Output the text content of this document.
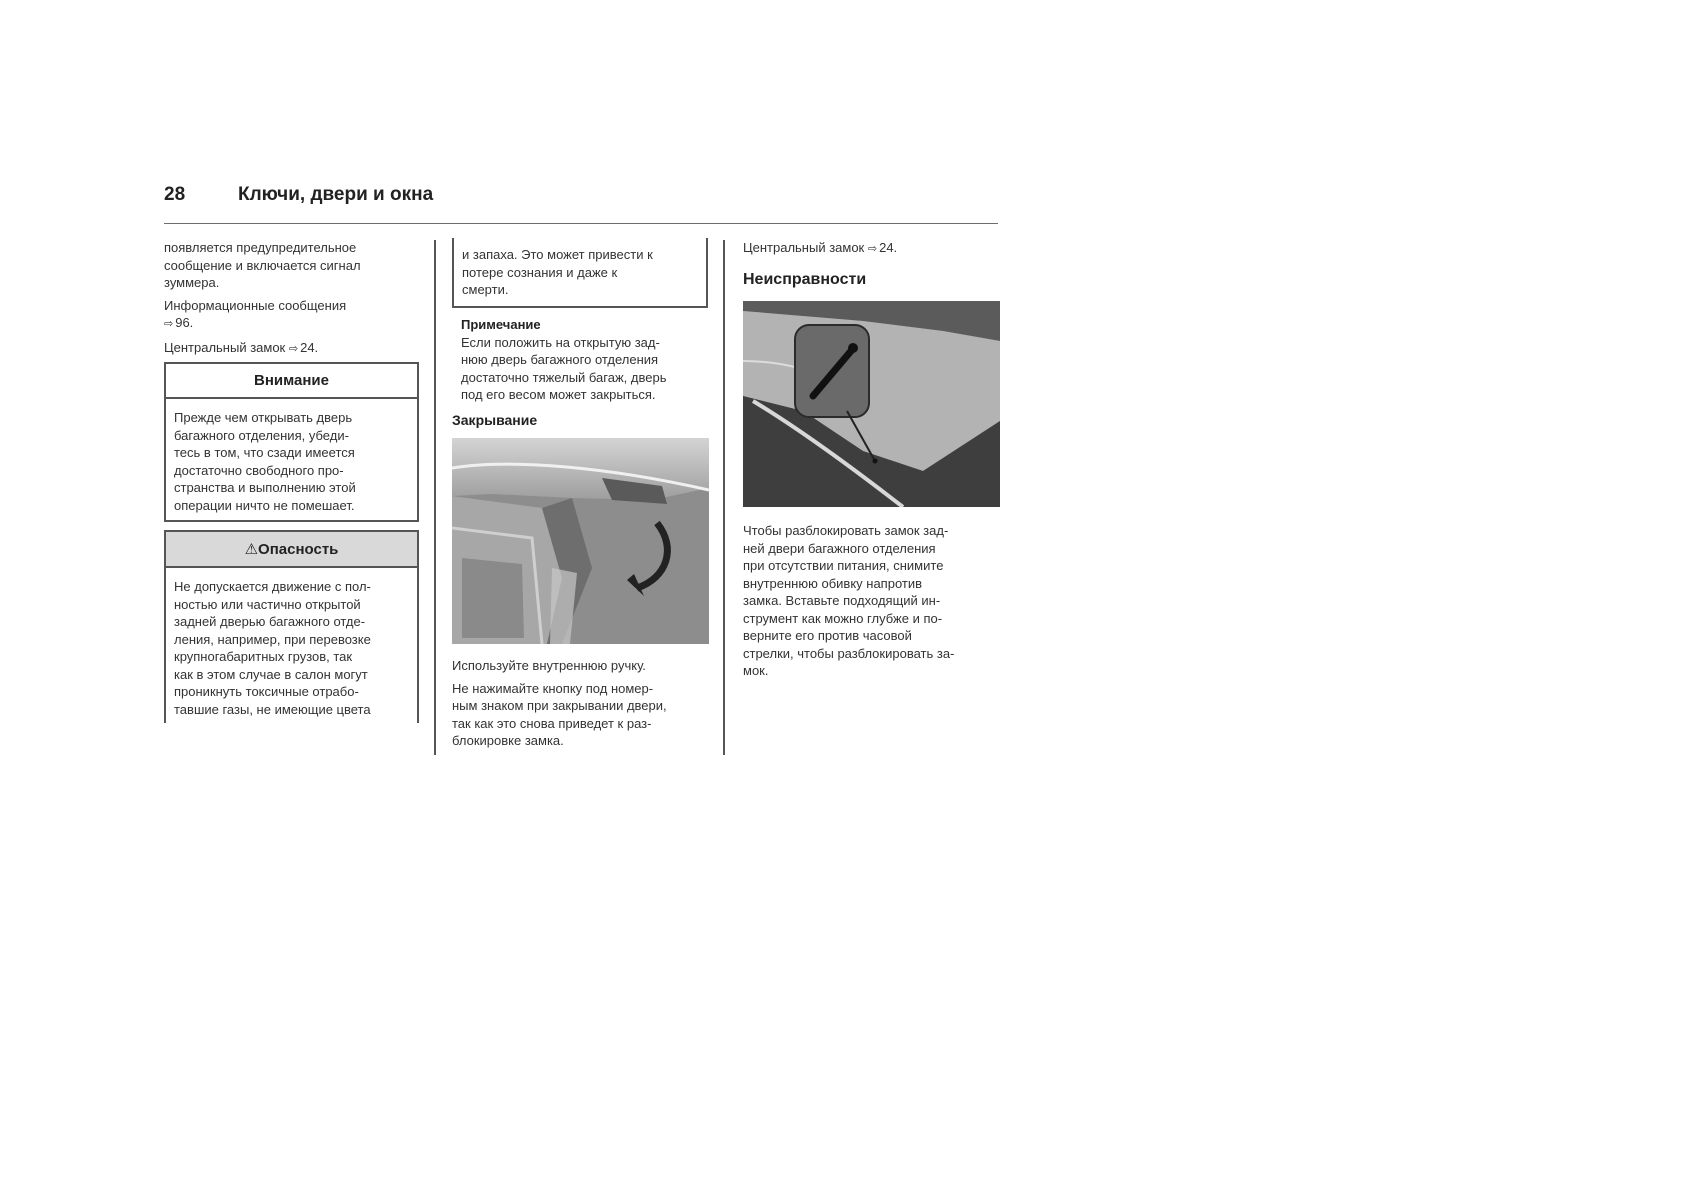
28	Ключи, двери и окна
появляется предупредительное
сообщение и включается сигнал
зуммера.
Информационные сообщения
⇨ 96.
Центральный замок ⇨ 24.
Внимание
Прежде чем открывать дверь
багажного отделения, убеди-
тесь в том, что сзади имеется
достаточно свободного про-
странства и выполнению этой
операции ничто не помешает.
⚠Опасность
Не допускается движение с пол-
ностью или частично открытой
задней дверью багажного отде-
ления, например, при перевозке
крупногабаритных грузов, так
как в этом случае в салон могут
проникнуть токсичные отрабо-
тавшие газы, не имеющие цвета
и запаха. Это может привести к
потере сознания и даже к
смерти.
Примечание
Если положить на открытую зад-
нюю дверь багажного отделения
достаточно тяжелый багаж, дверь
под его весом может закрыться.
Закрывание
Используйте внутреннюю ручку.
Не нажимайте кнопку под номер-
ным знаком при закрывании двери,
так как это снова приведет к раз-
блокировке замка.
Центральный замок ⇨ 24.
Неисправности
Чтобы разблокировать замок зад-
ней двери багажного отделения
при отсутствии питания, снимите
внутреннюю обивку напротив
замка. Вставьте подходящий ин-
струмент как можно глубже и по-
верните его против часовой
стрелки, чтобы разблокировать за-
мок.
